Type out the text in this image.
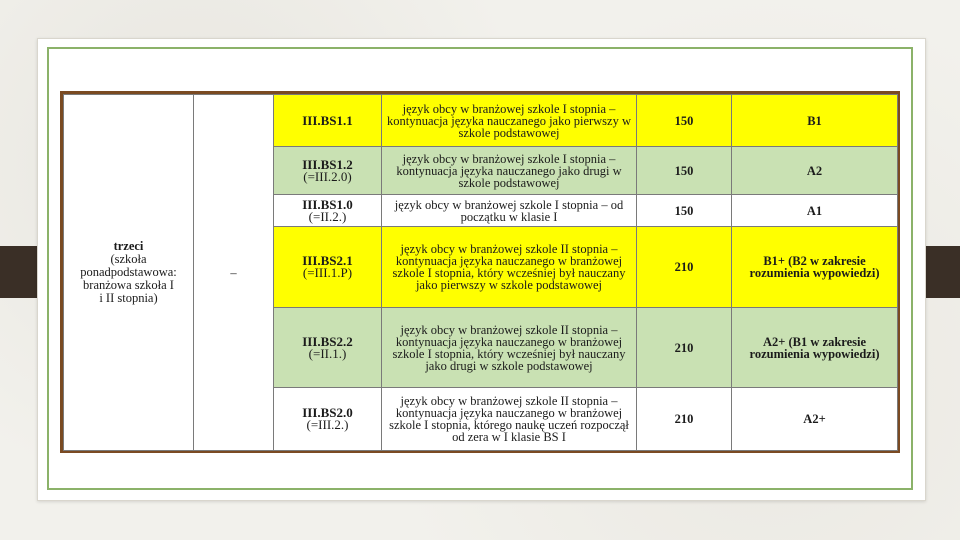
trzeci
(szkoła
ponadpodstawowa:
branżowa szkoła I
i II stopnia)	–	III.BS1.1	język obcy w branżowej szkole I stopnia – kontynuacja języka nauczanego jako pierwszy w szkole podstawowej	150	B1

		III.BS1.2
(=III.2.0)	język obcy w branżowej szkole I stopnia – kontynuacja języka nauczanego jako drugi w szkole podstawowej	150	A2

		III.BS1.0
(=II.2.)	język obcy w branżowej szkole I stopnia – od początku w klasie I	150	A1

		III.BS2.1
(=III.1.P)	język obcy w branżowej szkole II stopnia – kontynuacja języka nauczanego w branżowej szkole I stopnia, który wcześniej był nauczany jako pierwszy w szkole podstawowej	210	B1+ (B2 w zakresie rozumienia wypowiedzi)

		III.BS2.2
(=II.1.)	język obcy w branżowej szkole II stopnia – kontynuacja języka nauczanego w branżowej szkole I stopnia, który wcześniej był nauczany jako drugi w szkole podstawowej	210	A2+ (B1 w zakresie rozumienia wypowiedzi)

		III.BS2.0
(=III.2.)	język obcy w branżowej szkole II stopnia – kontynuacja języka nauczanego w branżowej szkole I stopnia, którego naukę uczeń rozpoczął od zera w I klasie BS I	210	A2+
